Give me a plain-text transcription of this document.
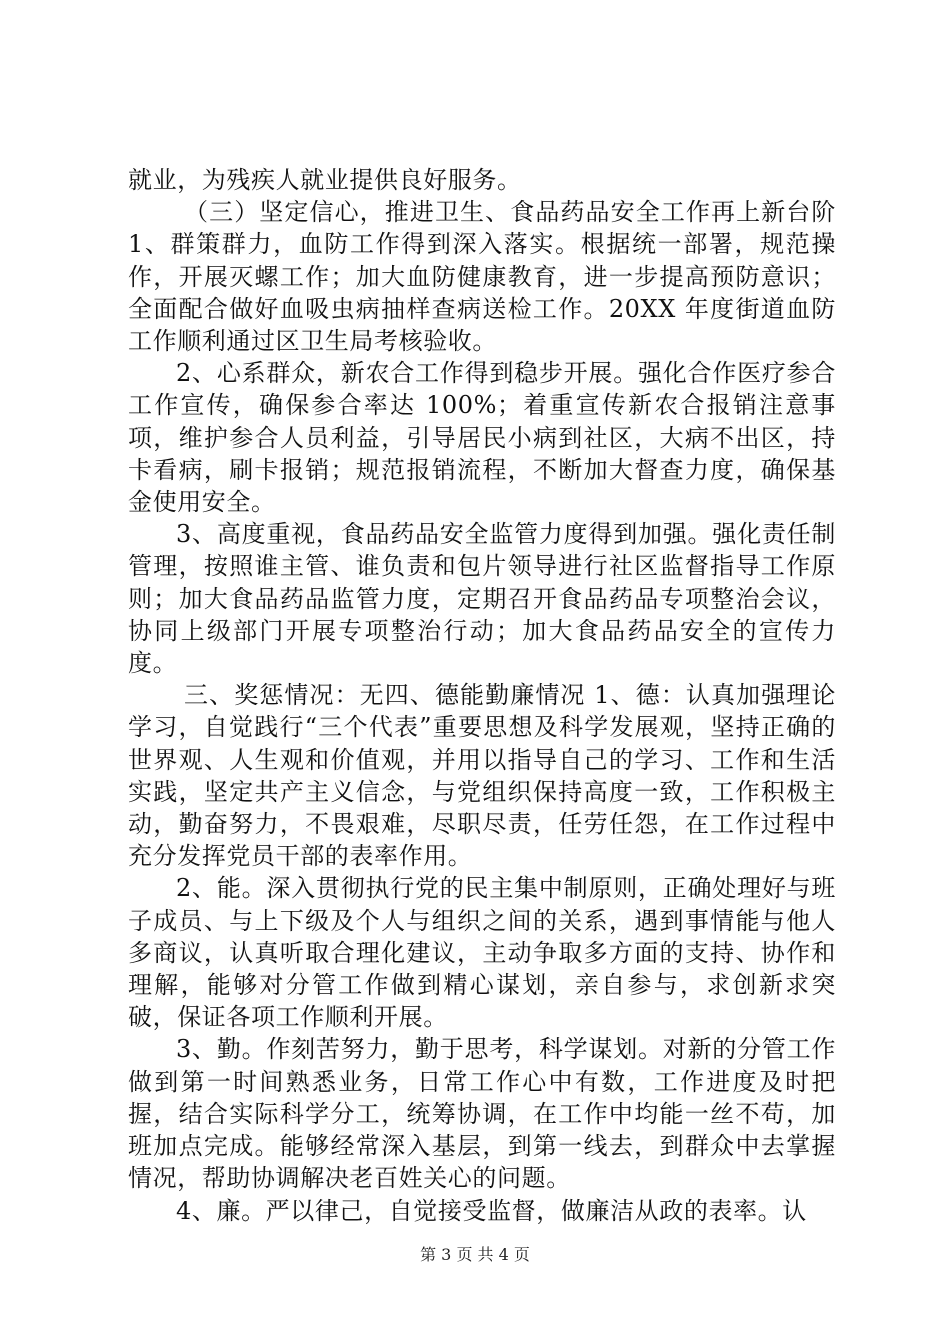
就业，为残疾人就业提供良好服务。

（三）坚定信心，推进卫生、食品药品安全工作再上新台阶 1、群策群力，血防工作得到深入落实。根据统一部署，规范操作，开展灭螺工作；加大血防健康教育，进一步提高预防意识；全面配合做好血吸虫病抽样查病送检工作。20XX 年度街道血防工作顺利通过区卫生局考核验收。

2、心系群众，新农合工作得到稳步开展。强化合作医疗参合工作宣传，确保参合率达 100%；着重宣传新农合报销注意事项，维护参合人员利益，引导居民小病到社区，大病不出区，持卡看病，刷卡报销；规范报销流程，不断加大督查力度，确保基金使用安全。

3、高度重视，食品药品安全监管力度得到加强。强化责任制管理，按照谁主管、谁负责和包片领导进行社区监督指导工作原则；加大食品药品监管力度，定期召开食品药品专项整治会议，协同上级部门开展专项整治行动；加大食品药品安全的宣传力度。

三、奖惩情况：无四、德能勤廉情况 1、德：认真加强理论学习，自觉践行“三个代表”重要思想及科学发展观，坚持正确的世界观、人生观和价值观，并用以指导自己的学习、工作和生活实践，坚定共产主义信念，与党组织保持高度一致，工作积极主动，勤奋努力，不畏艰难，尽职尽责，任劳任怨，在工作过程中充分发挥党员干部的表率作用。

2、能。深入贯彻执行党的民主集中制原则，正确处理好与班子成员、与上下级及个人与组织之间的关系，遇到事情能与他人多商议，认真听取合理化建议，主动争取多方面的支持、协作和理解，能够对分管工作做到精心谋划，亲自参与，求创新求突破，保证各项工作顺利开展。

3、勤。作刻苦努力，勤于思考，科学谋划。对新的分管工作做到第一时间熟悉业务，日常工作心中有数，工作进度及时把握，结合实际科学分工，统筹协调，在工作中均能一丝不苟，加班加点完成。能够经常深入基层，到第一线去，到群众中去掌握情况，帮助协调解决老百姓关心的问题。

4、廉。严以律己，自觉接受监督，做廉洁从政的表率。认

第 3 页 共 4 页
